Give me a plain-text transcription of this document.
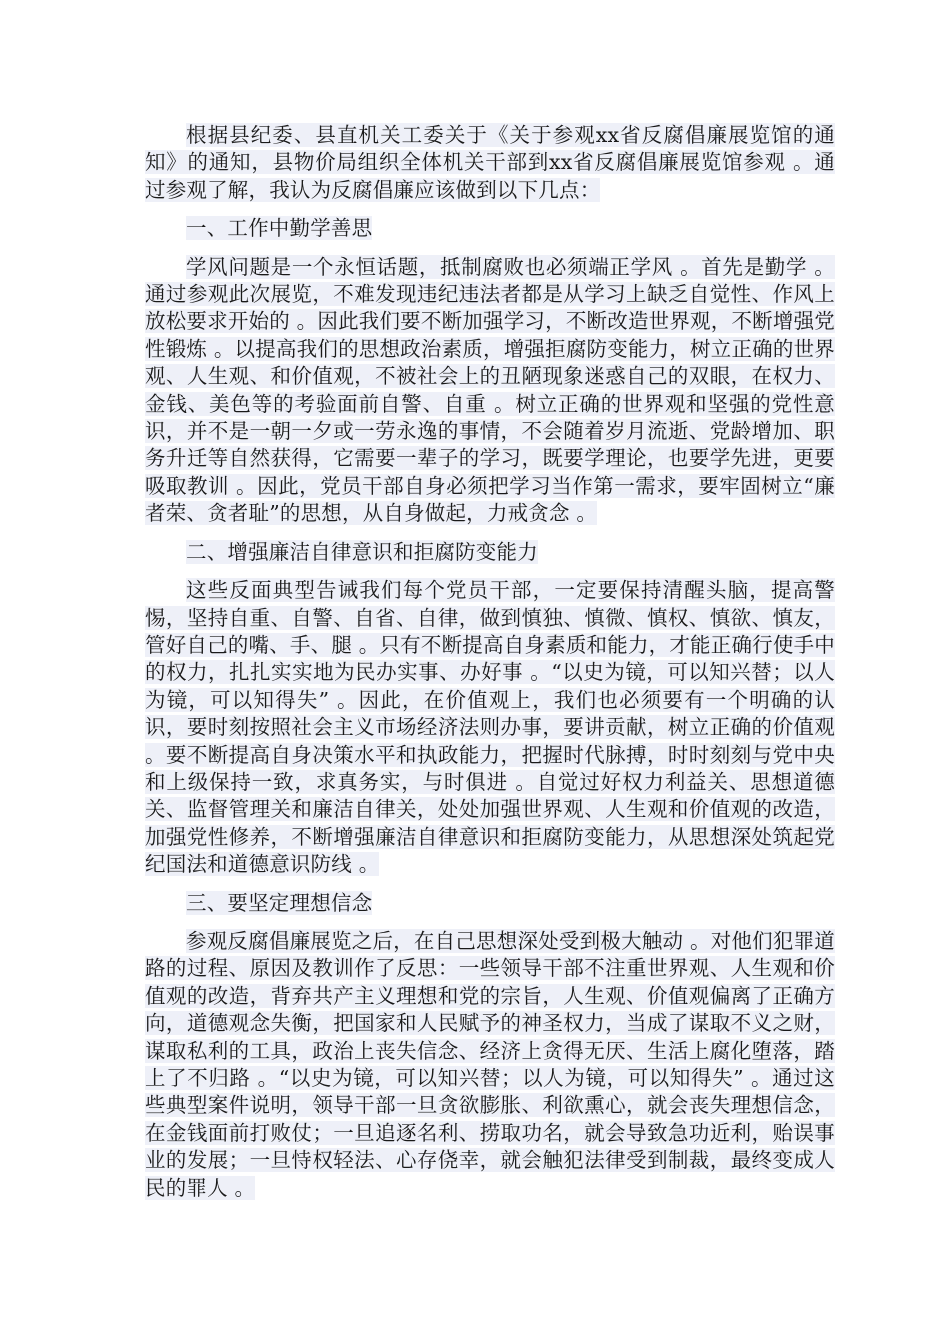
根据县纪委、县直机关工委关于《关于参观xx省反腐倡廉展览馆的通知》的通知，县物价局组织全体机关干部到xx省反腐倡廉展览馆参观 。通过参观了解，我认为反腐倡廉应该做到以下几点：

一、工作中勤学善思

学风问题是一个永恒话题，抵制腐败也必须端正学风 。首先是勤学 。通过参观此次展览，不难发现违纪违法者都是从学习上缺乏自觉性、作风上放松要求开始的 。因此我们要不断加强学习，不断改造世界观，不断增强党性锻炼 。以提高我们的思想政治素质，增强拒腐防变能力，树立正确的世界观、人生观、和价值观，不被社会上的丑陋现象迷惑自己的双眼，在权力、金钱、美色等的考验面前自警、自重 。树立正确的世界观和坚强的党性意识，并不是一朝一夕或一劳永逸的事情，不会随着岁月流逝、党龄增加、职务升迁等自然获得，它需要一辈子的学习，既要学理论，也要学先进，更要吸取教训 。因此，党员干部自身必须把学习当作第一需求，要牢固树立“廉者荣、贪者耻”的思想，从自身做起，力戒贪念 。

二、增强廉洁自律意识和拒腐防变能力

这些反面典型告诫我们每个党员干部，一定要保持清醒头脑，提高警惕，坚持自重、自警、自省、自律，做到慎独、慎微、慎权、慎欲、慎友，管好自己的嘴、手、腿 。只有不断提高自身素质和能力，才能正确行使手中的权力，扎扎实实地为民办实事、办好事 。“以史为镜，可以知兴替；以人为镜，可以知得失” 。因此，在价值观上，我们也必须要有一个明确的认识，要时刻按照社会主义市场经济法则办事，要讲贡献，树立正确的价值观 。要不断提高自身决策水平和执政能力，把握时代脉搏，时时刻刻与党中央和上级保持一致，求真务实，与时俱进 。自觉过好权力利益关、思想道德关、监督管理关和廉洁自律关，处处加强世界观、人生观和价值观的改造，加强党性修养，不断增强廉洁自律意识和拒腐防变能力，从思想深处筑起党纪国法和道德意识防线 。

三、要坚定理想信念

参观反腐倡廉展览之后，在自己思想深处受到极大触动 。对他们犯罪道路的过程、原因及教训作了反思：一些领导干部不注重世界观、人生观和价值观的改造，背弃共产主义理想和党的宗旨，人生观、价值观偏离了正确方向，道德观念失衡，把国家和人民赋予的神圣权力，当成了谋取不义之财，谋取私利的工具，政治上丧失信念、经济上贪得无厌、生活上腐化堕落，踏上了不归路 。“以史为镜，可以知兴替；以人为镜，可以知得失” 。通过这些典型案件说明，领导干部一旦贪欲膨胀、利欲熏心，就会丧失理想信念，在金钱面前打败仗；一旦追逐名利、捞取功名，就会导致急功近利，贻误事业的发展；一旦恃权轻法、心存侥幸，就会触犯法律受到制裁，最终变成人民的罪人 。
